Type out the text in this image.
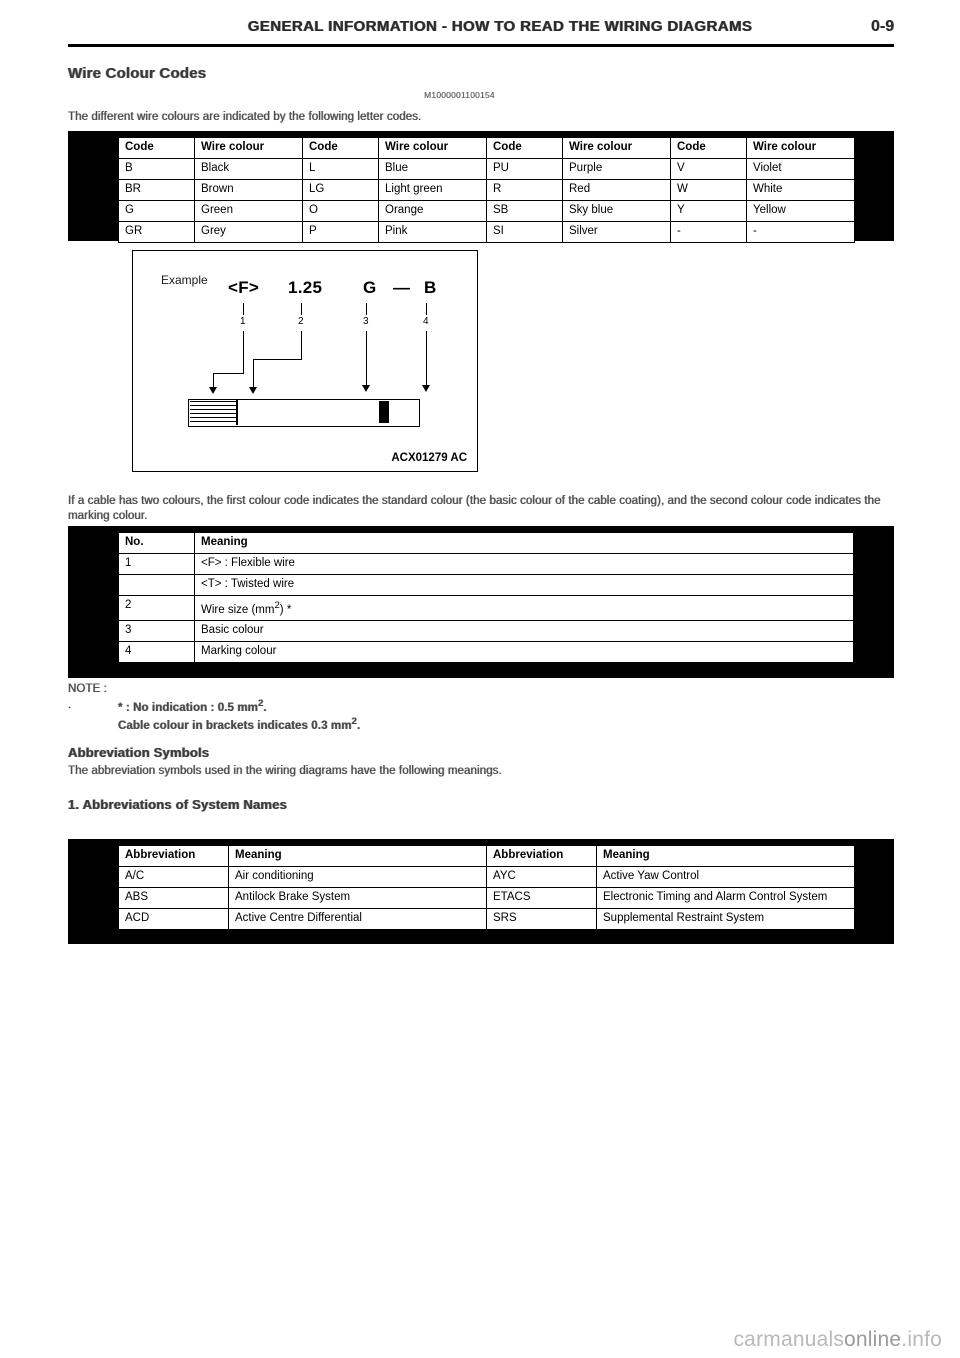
GENERAL INFORMATION - HOW TO READ THE WIRING DIAGRAMS	0-9
Wire Colour Codes
M1000001100154
The different wire colours are indicated by the following letter codes.
Code	Wire colour	Code	Wire colour	Code	Wire colour	Code	Wire colour
B	Black	L	Blue	PU	Purple	V	Violet
BR	Brown	LG	Light green	R	Red	W	White
G	Green	O	Orange	SB	Sky blue	Y	Yellow
GR	Grey	P	Pink	SI	Silver	-	-
Example <F> 1.25 G — B
1	2	3	4
ACX01279 AC
If a cable has two colours, the first colour code indicates the standard colour (the basic colour of the cable coating), and the second colour code indicates the marking colour.
No.	Meaning
1	<F> : Flexible wire
	<T> : Twisted wire
2	Wire size $(mm^2)$ *
3	Basic colour
4	Marking colour
NOTE :
.	* : No indication : 0.5 $mm^2$.
Cable colour in brackets indicates 0.3 $mm^2$.
Abbreviation Symbols
The abbreviation symbols used in the wiring diagrams have the following meanings.
1. Abbreviations of System Names
Abbreviation	Meaning	Abbreviation	Meaning
A/C	Air conditioning	AYC	Active Yaw Control
ABS	Antilock Brake System	ETACS	Electronic Timing and Alarm Control System
ACD	Active Centre Differential	SRS	Supplemental Restraint System
carmanualsonline.info
